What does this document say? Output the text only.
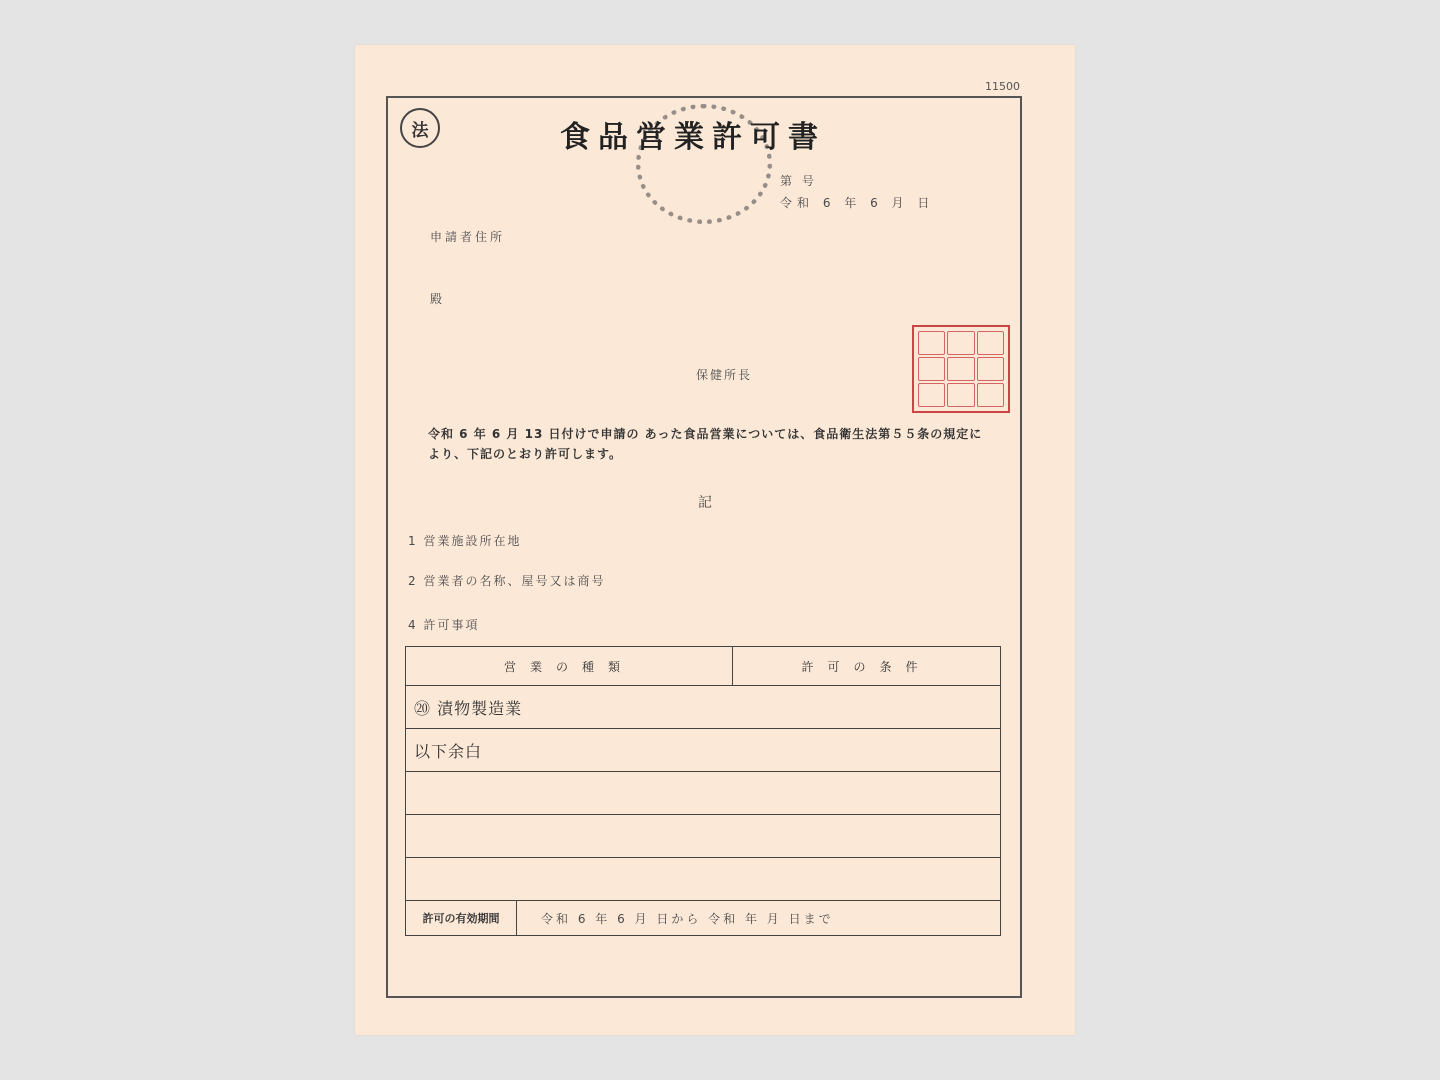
11500
法	食品営業許可書
第 号
令和 6 年 6 月 日
申請者住所
殿
保健所長
令和 6 年 6 月 13 日付けで申請の あった食品営業については、食品衛生法第５５条の規定により、下記のとおり許可します。
記
1 営業施設所在地
2 営業者の名称、屋号又は商号
4 許可事項
営業の種類	許可の条件
⑳ 漬物製造業
以下余白

許可の有効期間	令和 6 年 6 月 日から 令和 年 月 日まで
